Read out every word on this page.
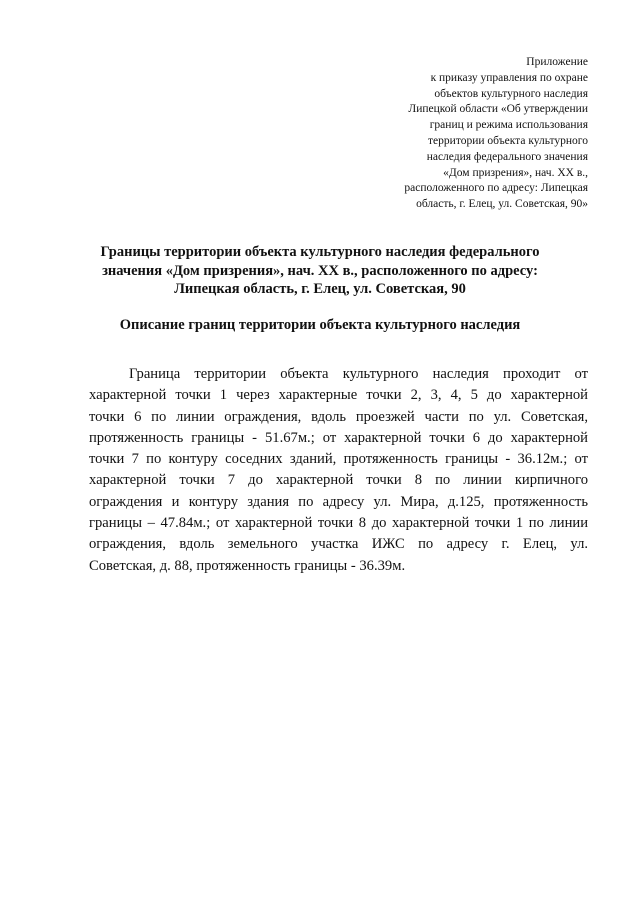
Приложение
к приказу управления по охране
объектов культурного наследия
Липецкой области «Об утверждении
границ и режима использования
территории объекта культурного
наследия федерального значения
«Дом призрения», нач. XX в.,
расположенного по адресу: Липецкая
область, г. Елец, ул. Советская, 90»
Границы территории объекта культурного наследия федерального
значения «Дом призрения», нач. XX в., расположенного по адресу:
Липецкая область, г. Елец, ул. Советская, 90
Описание границ территории объекта культурного наследия
Граница территории объекта культурного наследия проходит от
характерной точки 1 через характерные точки 2, 3, 4, 5 до характерной
точки 6 по линии ограждения, вдоль проезжей части по ул. Советская,
протяженность границы - 51.67м.; от характерной точки 6 до характерной
точки 7 по контуру соседних зданий, протяженность границы - 36.12м.; от
характерной точки 7 до характерной точки 8 по линии кирпичного
ограждения и контуру здания по адресу ул. Мира, д.125, протяженность
границы – 47.84м.; от характерной точки 8 до характерной точки 1 по линии
ограждения, вдоль земельного участка ИЖС по адресу г. Елец, ул.
Советская, д. 88, протяженность границы - 36.39м.
